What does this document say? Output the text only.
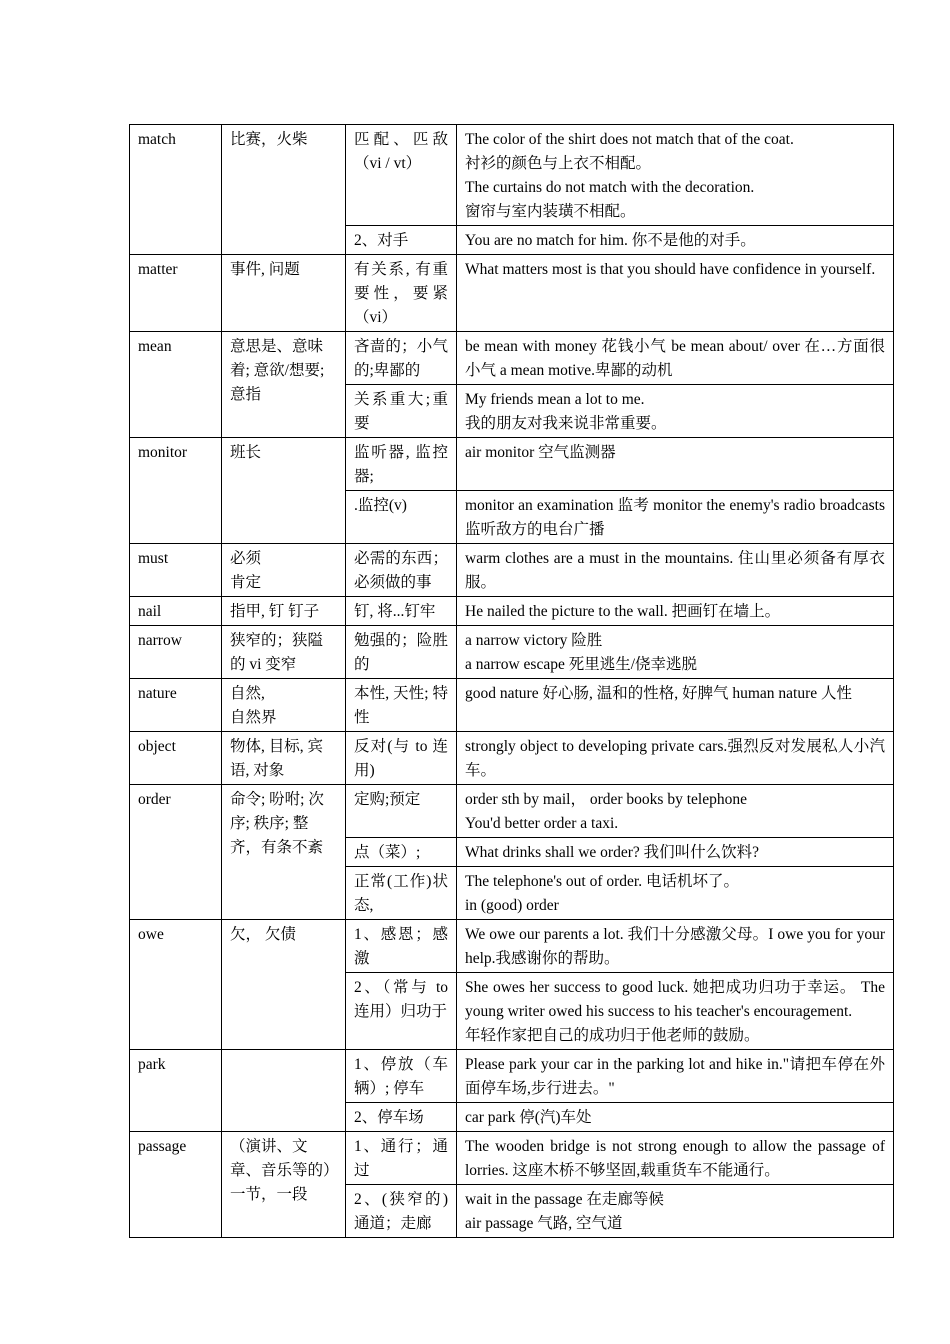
match	比赛，火柴	匹配、匹敌（vi / vt）	The color of the shirt does not match that of the coat.
衬衫的颜色与上衣不相配。
The curtains do not match with the decoration.
窗帘与室内装璜不相配。

		2、对手	You are no match for him. 你不是他的对手。

matter	事件, 问题	有关系, 有重要性，要紧（vi）	What matters most is that you should have confidence in yourself.

mean	意思是、意味着; 意欲/想要; 意指	吝啬的；小气的;卑鄙的	be mean with money 花钱小气 be mean about/ over 在…方面很小气 a mean motive.卑鄙的动机

		关系重大;重要	My friends mean a lot to me.
我的朋友对我来说非常重要。

monitor	班长	监听器, 监控器;	air monitor 空气监测器

		.监控(v)	monitor an examination 监考 monitor the enemy's radio broadcasts 监听敌方的电台广播

must	必须
肯定	必需的东西；必须做的事	warm clothes are a must in the mountains. 住山里必须备有厚衣服。

nail	指甲, 钉 钉子	钉, 将...钉牢	He nailed the picture to the wall. 把画钉在墙上。

narrow	狭窄的；狭隘的 vi 变窄	勉强的；险胜的	a narrow victory 险胜
a narrow escape 死里逃生/侥幸逃脱

nature	自然,
自然界	本性, 天性; 特性	good nature 好心肠, 温和的性格, 好脾气 human nature 人性

object	物体, 目标, 宾语, 对象	反对(与 to 连用)	strongly object to developing private cars.强烈反对发展私人小汽车。

order	命令; 吩咐; 次序; 秩序; 整齐，有条不紊	定购;预定	order sth by mail， order books by telephone
You'd better order a taxi.

		点（菜）;	What drinks shall we order? 我们叫什么饮料?

		正常(工作)状态,	The telephone's out of order. 电话机坏了。
in (good) order

owe	欠， 欠债	1、感恩；感激	We owe our parents a lot. 我们十分感激父母。I owe you for your help.我感谢你的帮助。

		2、（常与 to 连用）归功于	She owes her success to good luck. 她把成功归功于幸运。 The young writer owed his success to his teacher's encouragement.
年轻作家把自己的成功归于他老师的鼓励。

park		1、停放（车辆）; 停车	Please park your car in the parking lot and hike in."请把车停在外面停车场,步行进去。"

		2、停车场	car park 停(汽)车处

passage	（演讲、文章、音乐等的）一节，一段	1、通行；通过	The wooden bridge is not strong enough to allow the passage of lorries. 这座木桥不够坚固,载重货车不能通行。

		2、(狭窄的) 通道；走廊	wait in the passage 在走廊等候
air passage 气路, 空气道
